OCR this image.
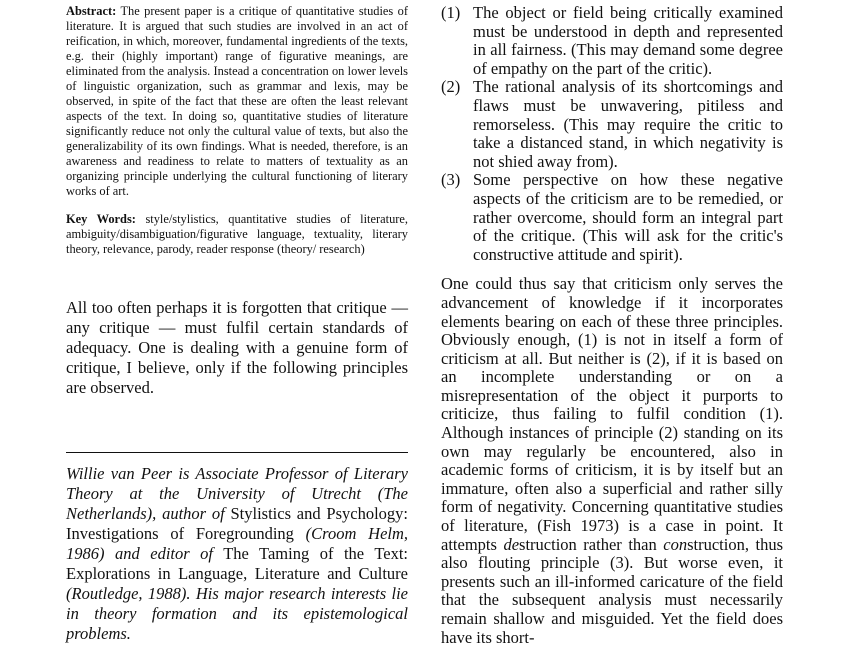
Abstract: The present paper is a critique of quantitative studies of literature. It is argued that such studies are involved in an act of reification, in which, moreover, fundamental ingredients of the texts, e.g. their (highly important) range of figurative meanings, are eliminated from the analysis. Instead a concentration on lower levels of linguistic organization, such as grammar and lexis, may be observed, in spite of the fact that these are often the least relevant aspects of the text. In doing so, quantitative studies of literature significantly reduce not only the cultural value of texts, but also the generalizability of its own findings. What is needed, therefore, is an awareness and readiness to relate to matters of textuality as an organizing principle underlying the cultural functioning of literary works of art.

Key Words: style/stylistics, quantitative studies of literature, ambiguity/disambiguation/figurative language, textuality, literary theory, relevance, parody, reader response (theory/ research)

All too often perhaps it is forgotten that critique — any critique — must fulfil certain standards of adequacy. One is dealing with a genuine form of critique, I believe, only if the following principles are observed.

Willie van Peer is Associate Professor of Literary Theory at the University of Utrecht (The Netherlands), author of Stylistics and Psychology: Investigations of Foregrounding (Croom Helm, 1986) and editor of The Taming of the Text: Explorations in Language, Literature and Culture (Routledge, 1988). His major research interests lie in theory formation and its epistemological problems.

(1) The object or field being critically examined must be understood in depth and represented in all fairness. (This may demand some degree of empathy on the part of the critic).
(2) The rational analysis of its shortcomings and flaws must be unwavering, pitiless and remorseless. (This may require the critic to take a distanced stand, in which negativity is not shied away from).
(3) Some perspective on how these negative aspects of the criticism are to be remedied, or rather overcome, should form an integral part of the critique. (This will ask for the critic's constructive attitude and spirit).

One could thus say that criticism only serves the advancement of knowledge if it incorporates elements bearing on each of these three principles. Obviously enough, (1) is not in itself a form of criticism at all. But neither is (2), if it is based on an incomplete understanding or on a misrepresentation of the object it purports to criticize, thus failing to fulfil condition (1). Although instances of principle (2) standing on its own may regularly be encountered, also in academic forms of criticism, it is by itself but an immature, often also a superficial and rather silly form of negativity. Concerning quantitative studies of literature, (Fish 1973) is a case in point. It attempts destruction rather than construction, thus also flouting principle (3). But worse even, it presents such an ill-informed caricature of the field that the subsequent analysis must necessarily remain shallow and misguided. Yet the field does have its short-
